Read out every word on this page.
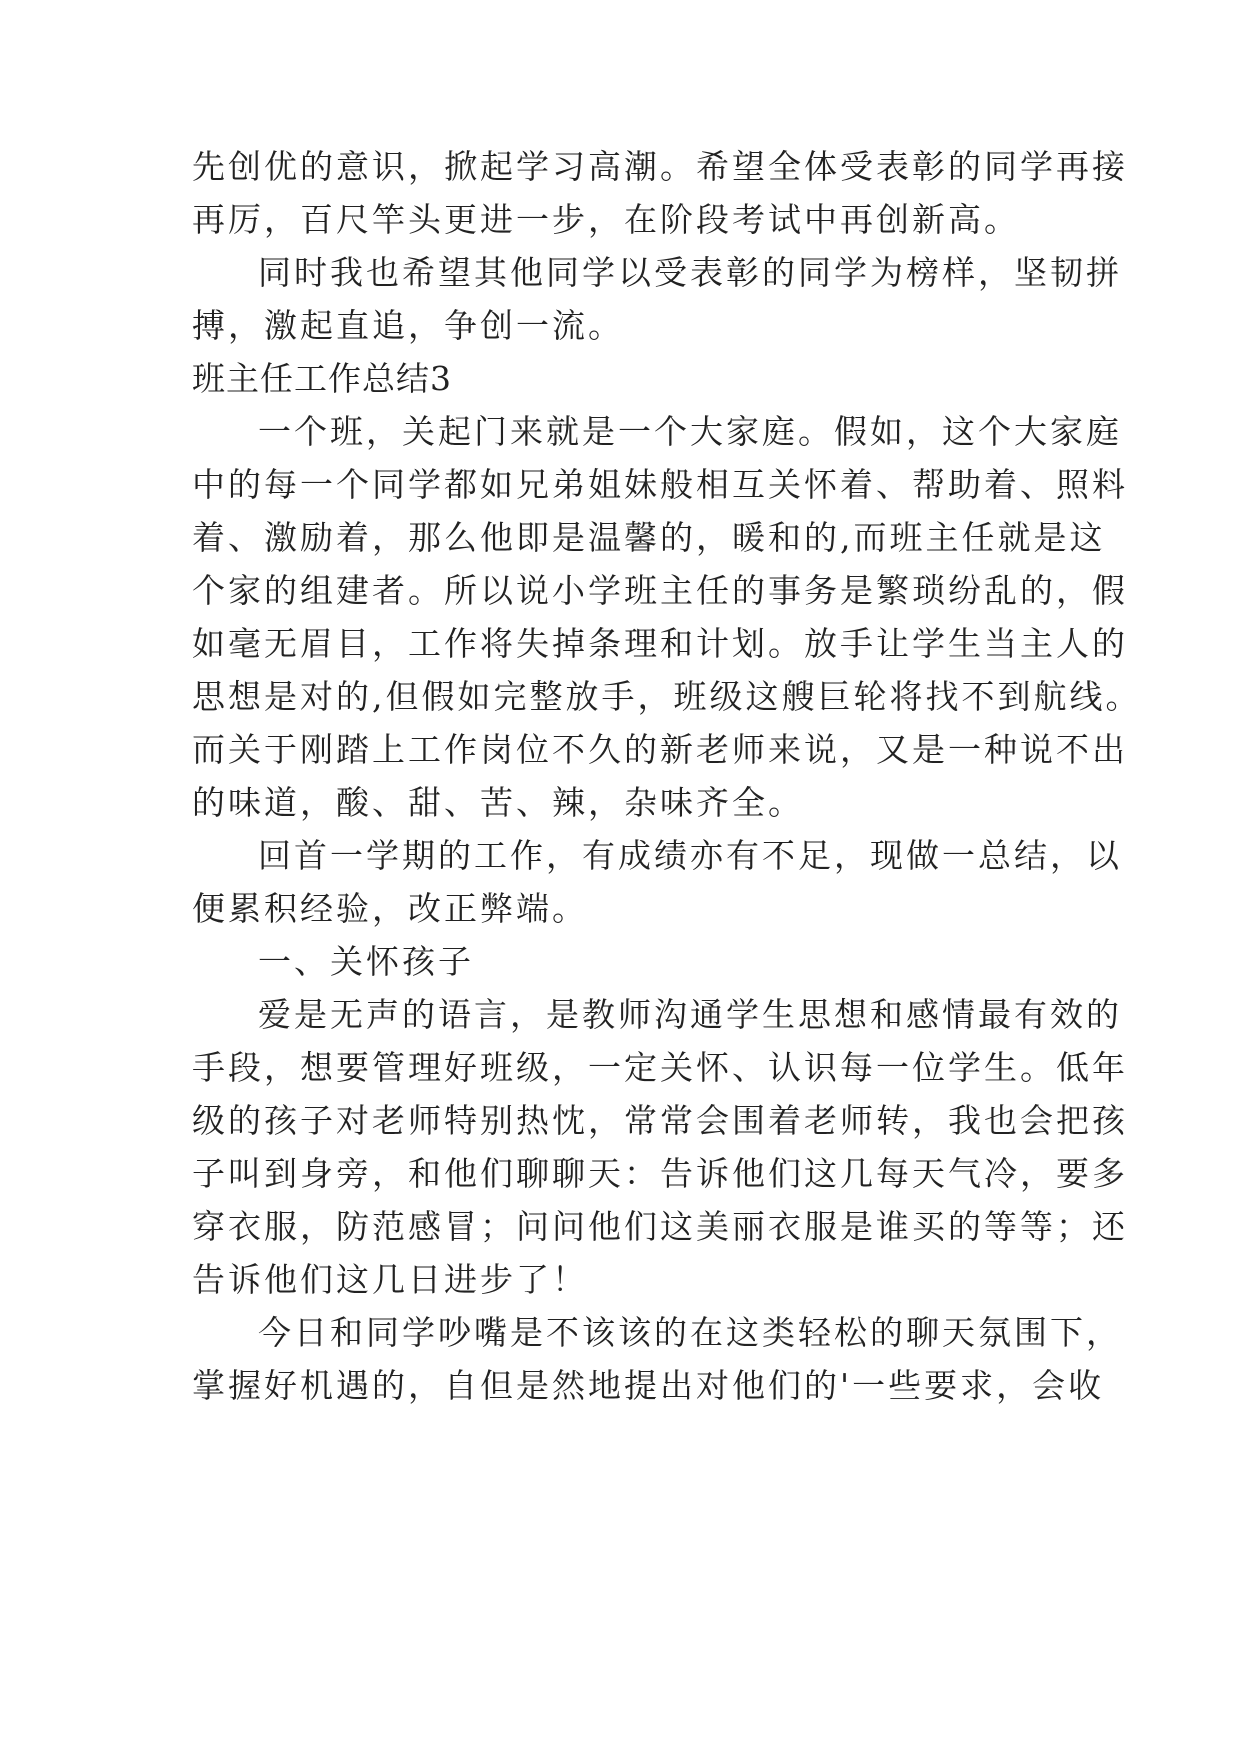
先创优的意识，掀起学习高潮。希望全体受表彰的同学再接
再厉，百尺竿头更进一步，在阶段考试中再创新高。
同时我也希望其他同学以受表彰的同学为榜样，坚韧拼
搏，激起直追，争创一流。
班主任工作总结3
一个班，关起门来就是一个大家庭。假如，这个大家庭
中的每一个同学都如兄弟姐妹般相互关怀着、帮助着、照料
着、激励着，那么他即是温馨的，暖和的,而班主任就是这
个家的组建者。所以说小学班主任的事务是繁琐纷乱的，假
如毫无眉目，工作将失掉条理和计划。放手让学生当主人的
思想是对的,但假如完整放手，班级这艘巨轮将找不到航线。
而关于刚踏上工作岗位不久的新老师来说，又是一种说不出
的味道，酸、甜、苦、辣，杂味齐全。
回首一学期的工作，有成绩亦有不足，现做一总结，以
便累积经验，改正弊端。
一、关怀孩子
爱是无声的语言，是教师沟通学生思想和感情最有效的
手段，想要管理好班级，一定关怀、认识每一位学生。低年
级的孩子对老师特别热忱，常常会围着老师转，我也会把孩
子叫到身旁，和他们聊聊天：告诉他们这几每天气冷，要多
穿衣服，防范感冒；问问他们这美丽衣服是谁买的等等；还
告诉他们这几日进步了！
今日和同学吵嘴是不该该的在这类轻松的聊天氛围下，
掌握好机遇的，自但是然地提出对他们的'一些要求，会收
